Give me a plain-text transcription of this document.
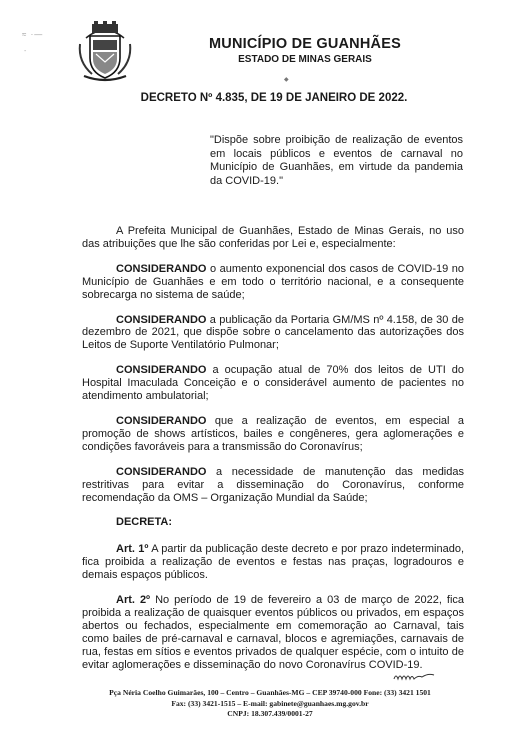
≈ ·—
-	MUNICÍPIO DE GUANHÃES
ESTADO DE MINAS GERAIS
◆
DECRETO Nº 4.835, DE 19 DE JANEIRO DE 2022.
"Dispõe sobre proibição de realização de eventos em locais públicos e eventos de carnaval no Município de Guanhães, em virtude da pandemia da COVID-19."

A Prefeita Municipal de Guanhães, Estado de Minas Gerais, no uso das atribuições que lhe são conferidas por Lei e, especialmente:

CONSIDERANDO o aumento exponencial dos casos de COVID-19 no Município de Guanhães e em todo o território nacional, e a consequente sobrecarga no sistema de saúde;

CONSIDERANDO a publicação da Portaria GM/MS nº 4.158, de 30 de dezembro de 2021, que dispõe sobre o cancelamento das autorizações dos Leitos de Suporte Ventilatório Pulmonar;

CONSIDERANDO a ocupação atual de 70% dos leitos de UTI do Hospital Imaculada Conceição e o considerável aumento de pacientes no atendimento ambulatorial;

CONSIDERANDO que a realização de eventos, em especial a promoção de shows artísticos, bailes e congêneres, gera aglomerações e condições favoráveis para a transmissão do Coronavírus;

CONSIDERANDO a necessidade de manutenção das medidas restritivas para evitar a disseminação do Coronavírus, conforme recomendação da OMS – Organização Mundial da Saúde;

DECRETA:

Art. 1º A partir da publicação deste decreto e por prazo indeterminado, fica proibida a realização de eventos e festas nas praças, logradouros e demais espaços públicos.

Art. 2º No período de 19 de fevereiro a 03 de março de 2022, fica proibida a realização de quaisquer eventos públicos ou privados, em espaços abertos ou fechados, especialmente em comemoração ao Carnaval, tais como bailes de pré-carnaval e carnaval, blocos e agremiações, carnavais de rua, festas em sítios e eventos privados de qualquer espécie, com o intuito de evitar aglomerações e disseminação do novo Coronavírus COVID-19.

Pça Néria Coelho Guimarães, 100 – Centro – Guanhães-MG – CEP 39740-000 Fone: (33) 3421 1501
Fax: (33) 3421-1515 – E-mail: gabinete@guanhaes.mg.gov.br
CNPJ: 18.307.439/0001-27
